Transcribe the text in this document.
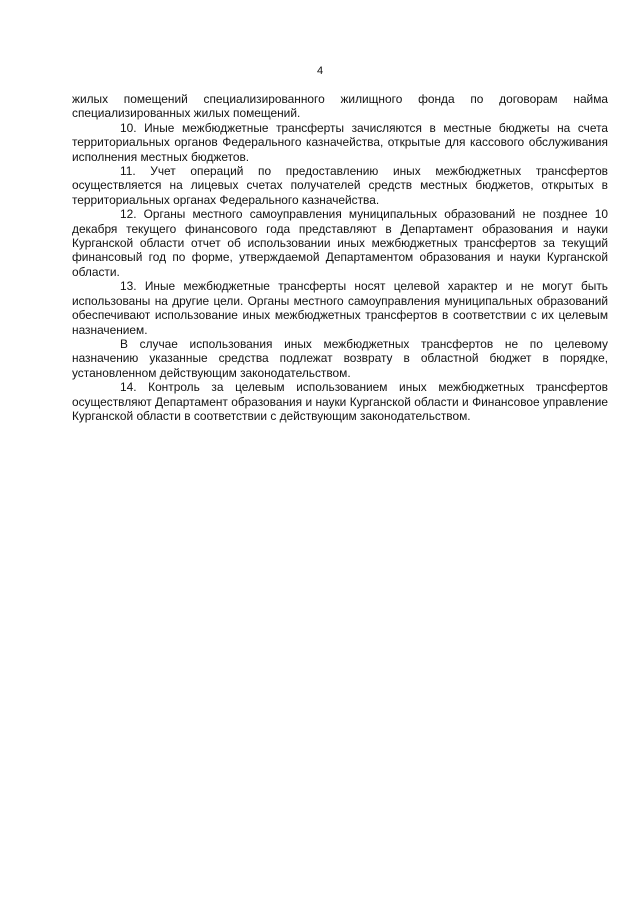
4

жилых помещений специализированного жилищного фонда по договорам найма специализированных жилых помещений.

10. Иные межбюджетные трансферты зачисляются в местные бюджеты на счета территориальных органов Федерального казначейства, открытые для кассового обслуживания исполнения местных бюджетов.

11. Учет операций по предоставлению иных межбюджетных трансфертов осуществляется на лицевых счетах получателей средств местных бюджетов, открытых в территориальных органах Федерального казначейства.

12. Органы местного самоуправления муниципальных образований не позднее 10 декабря текущего финансового года представляют в Департамент образования и науки Курганской области отчет об использовании иных межбюджетных трансфертов за текущий финансовый год по форме, утверждаемой Департаментом образования и науки Курганской области.

13. Иные межбюджетные трансферты носят целевой характер и не могут быть использованы на другие цели. Органы местного самоуправления муниципальных образований обеспечивают использование иных межбюджетных трансфертов в соответствии с их целевым назначением.

В случае использования иных межбюджетных трансфертов не по целевому назначению указанные средства подлежат возврату в областной бюджет в порядке, установленном действующим законодательством.

14. Контроль за целевым использованием иных межбюджетных трансфертов осуществляют Департамент образования и науки Курганской области и Финансовое управление Курганской области в соответствии с действующим законодательством.
